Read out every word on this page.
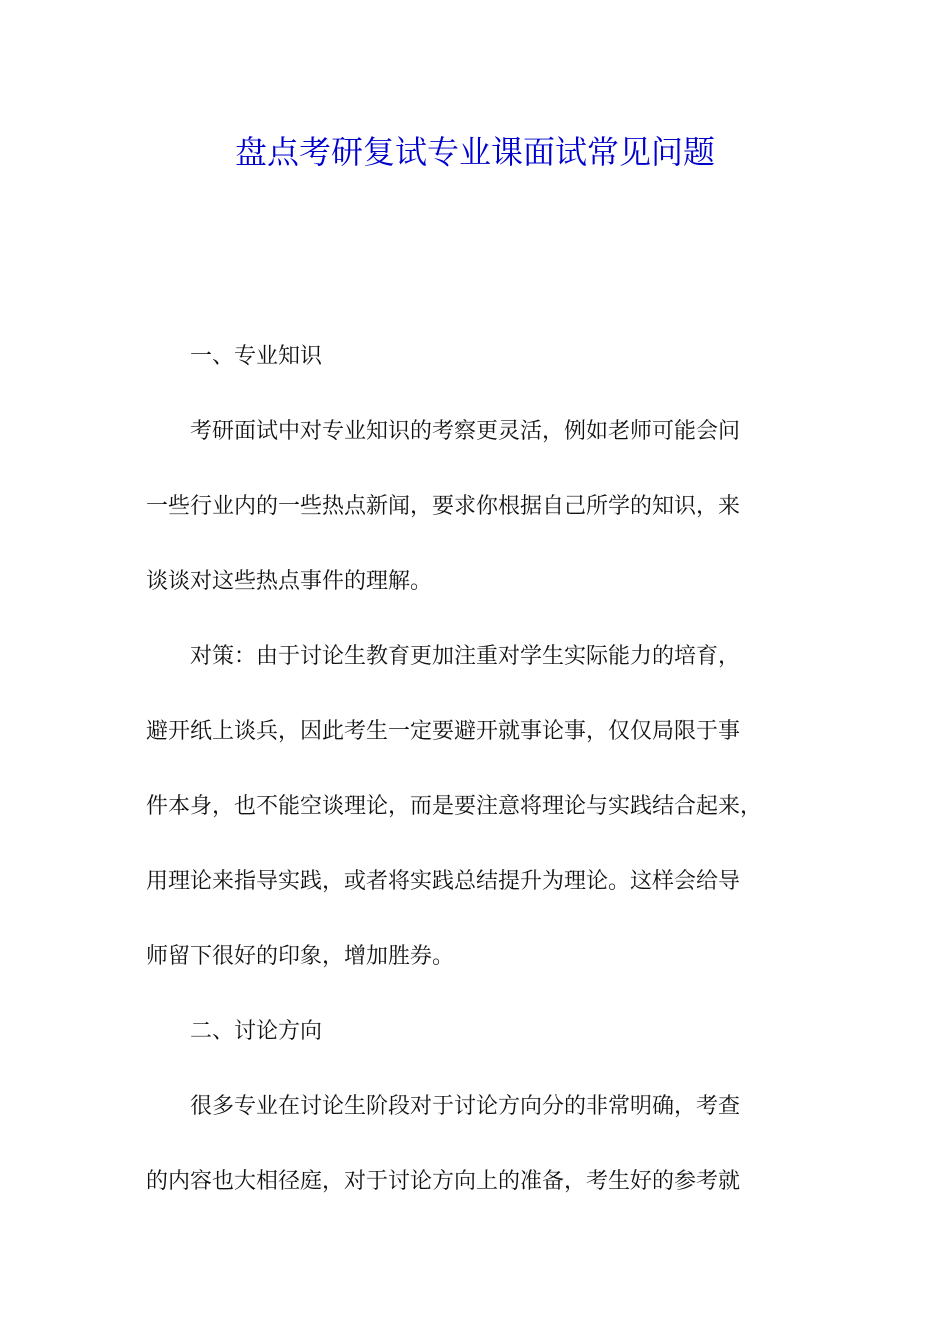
盘点考研复试专业课面试常见问题
一、专业知识
考研面试中对专业知识的考察更灵活，例如老师可能会问
一些行业内的一些热点新闻，要求你根据自己所学的知识，来
谈谈对这些热点事件的理解。
对策：由于讨论生教育更加注重对学生实际能力的培育，
避开纸上谈兵，因此考生一定要避开就事论事，仅仅局限于事
件本身，也不能空谈理论，而是要注意将理论与实践结合起来，
用理论来指导实践，或者将实践总结提升为理论。这样会给导
师留下很好的印象，增加胜券。
二、讨论方向
很多专业在讨论生阶段对于讨论方向分的非常明确，考查
的内容也大相径庭，对于讨论方向上的准备，考生好的参考就
